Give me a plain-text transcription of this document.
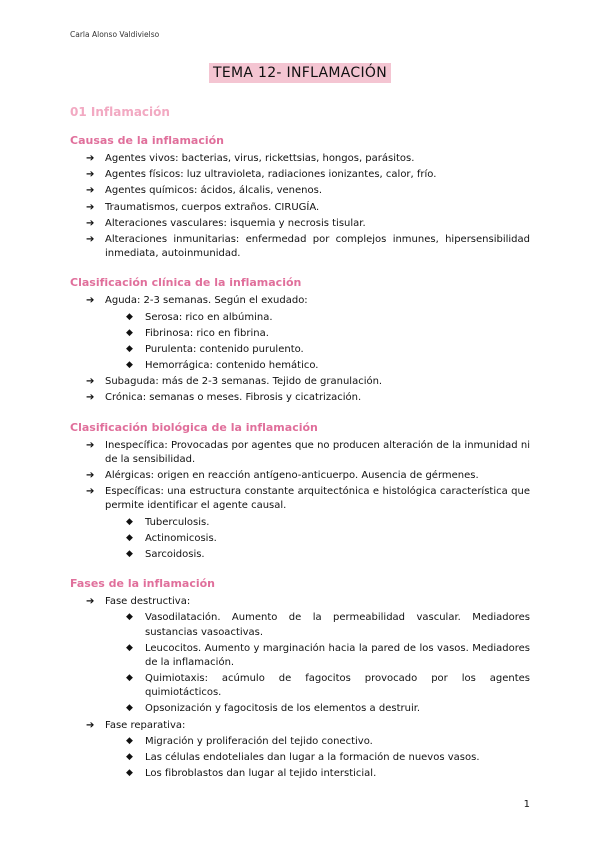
Carla Alonso Valdivielso
TEMA 12- INFLAMACIÓN
01 Inflamación
Causas de la inflamación
➔	Agentes vivos: bacterias, virus, rickettsias, hongos, parásitos.
➔	Agentes físicos: luz ultravioleta, radiaciones ionizantes, calor, frío.
➔	Agentes químicos: ácidos, álcalis, venenos.
➔	Traumatismos, cuerpos extraños. CIRUGÍA.
➔	Alteraciones vasculares: isquemia y necrosis tisular.
➔	Alteraciones inmunitarias: enfermedad por complejos inmunes, hipersensibilidad inmediata, autoinmunidad.
Clasificación clínica de la inflamación
➔	Aguda: 2-3 semanas. Según el exudado:
◆	Serosa: rico en albúmina.
◆	Fibrinosa: rico en fibrina.
◆	Purulenta: contenido purulento.
◆	Hemorrágica: contenido hemático.
➔	Subaguda: más de 2-3 semanas. Tejido de granulación.
➔	Crónica: semanas o meses. Fibrosis y cicatrización.
Clasificación biológica de la inflamación
➔	Inespecífica: Provocadas por agentes que no producen alteración de la inmunidad ni de la sensibilidad.
➔	Alérgicas: origen en reacción antígeno-anticuerpo. Ausencia de gérmenes.
➔	Específicas: una estructura constante arquitectónica e histológica característica que permite identificar el agente causal.
◆	Tuberculosis.
◆	Actinomicosis.
◆	Sarcoidosis.
Fases de la inflamación
➔	Fase destructiva:
◆	Vasodilatación. Aumento de la permeabilidad vascular. Mediadores sustancias vasoactivas.
◆	Leucocitos. Aumento y marginación hacia la pared de los vasos. Mediadores de la inflamación.
◆	Quimiotaxis: acúmulo de fagocitos provocado por los agentes quimiotácticos.
◆	Opsonización y fagocitosis de los elementos a destruir.
➔	Fase reparativa:
◆	Migración y proliferación del tejido conectivo.
◆	Las células endoteliales dan lugar a la formación de nuevos vasos.
◆	Los fibroblastos dan lugar al tejido intersticial.
1
